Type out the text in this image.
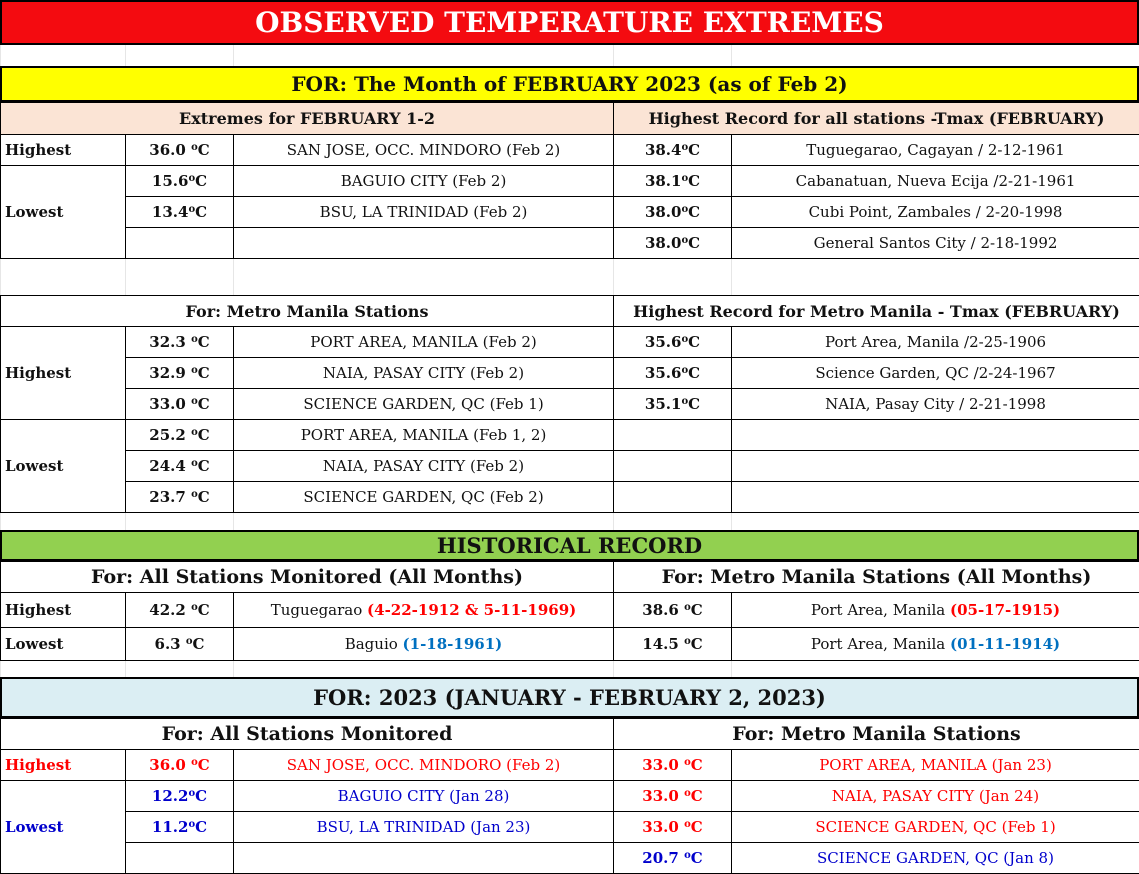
OBSERVED TEMPERATURE EXTREMES

FOR: The Month of FEBRUARY 2023 (as of Feb 2)
Extremes for FEBRUARY 1-2			Highest Record for all stations -Tmax (FEBRUARY)	
Highest	36.0 $^o$C	SAN JOSE, OCC. MINDORO (Feb 2)	38.4$^o$C	Tuguegarao, Cagayan / 2-12-1961
Lowest	15.6$^o$C	BAGUIO CITY (Feb 2)	38.1$^o$C	Cabanatuan, Nueva Ecija /2-21-1961
	13.4$^o$C	BSU, LA TRINIDAD (Feb 2)	38.0$^o$C	Cubi Point, Zambales / 2-20-1998
			38.0$^o$C	General Santos City / 2-18-1992

For: Metro Manila Stations			Highest Record for Metro Manila - Tmax (FEBRUARY)	
Highest	32.3 $^o$C	PORT AREA, MANILA (Feb 2)	35.6$^o$C	Port Area, Manila /2-25-1906
	32.9 $^o$C	NAIA, PASAY CITY (Feb 2)	35.6$^o$C	Science Garden, QC /2-24-1967
	33.0 $^o$C	SCIENCE GARDEN, QC (Feb 1)	35.1$^o$C	NAIA, Pasay City / 2-21-1998
Lowest	25.2 $^o$C	PORT AREA, MANILA (Feb 1, 2)		
	24.4 $^o$C	NAIA, PASAY CITY (Feb 2)		
	23.7 $^o$C	SCIENCE GARDEN, QC (Feb 2)		

HISTORICAL RECORD
For: All Stations Monitored (All Months)			For: Metro Manila Stations (All Months)	
Highest	42.2 $^o$C	Tuguegarao (4-22-1912 & 5-11-1969)	38.6 $^o$C	Port Area, Manila (05-17-1915)
Lowest	6.3 $^o$C	Baguio (1-18-1961)	14.5 $^o$C	Port Area, Manila (01-11-1914)

FOR: 2023 (JANUARY - FEBRUARY 2, 2023)
For: All Stations Monitored			For: Metro Manila Stations	
Highest	36.0 $^o$C	SAN JOSE, OCC. MINDORO (Feb 2)	33.0 $^o$C	PORT AREA, MANILA (Jan 23)
Lowest	12.2$^o$C	BAGUIO CITY (Jan 28)	33.0 $^o$C	NAIA, PASAY CITY (Jan 24)
	11.2$^o$C	BSU, LA TRINIDAD (Jan 23)	33.0 $^o$C	SCIENCE GARDEN, QC (Feb 1)
			20.7 $^o$C	SCIENCE GARDEN, QC (Jan 8)
